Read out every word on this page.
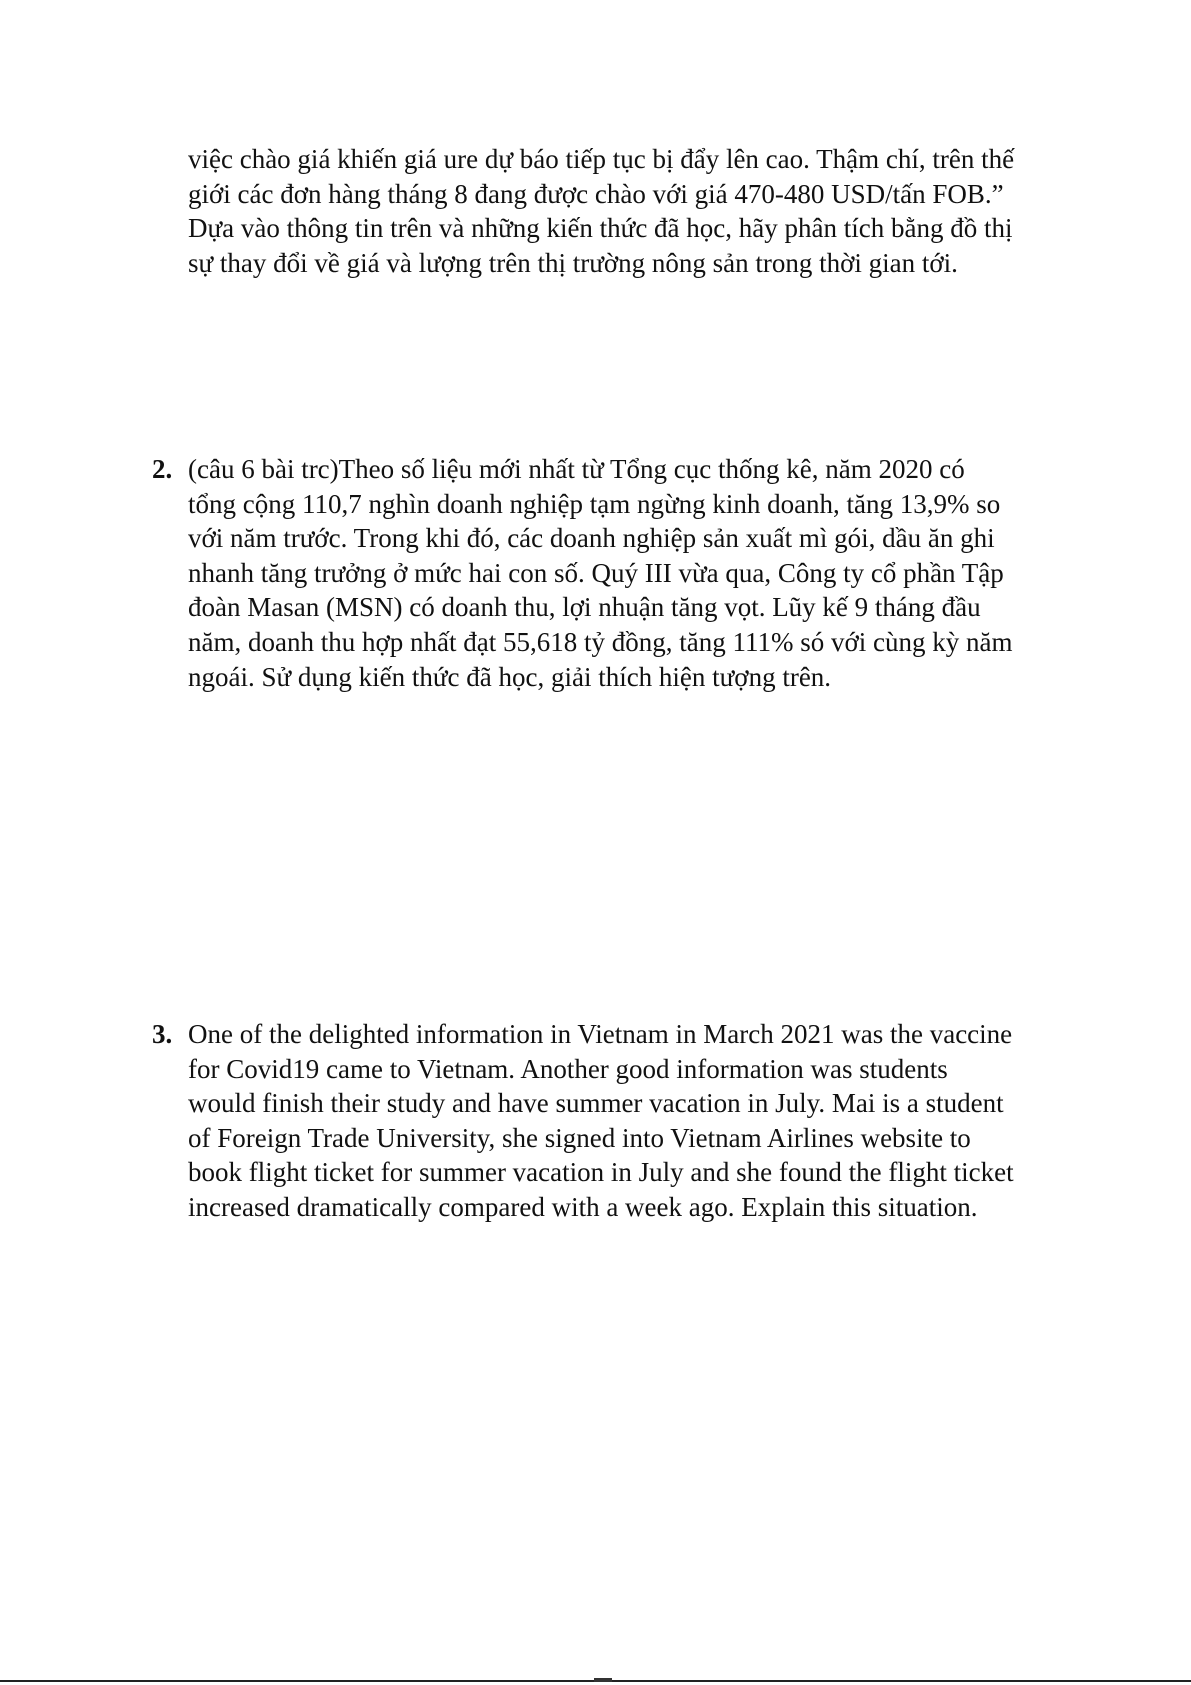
việc chào giá khiến giá ure dự báo tiếp tục bị đẩy lên cao. Thậm chí, trên thế
giới các đơn hàng tháng 8 đang được chào với giá 470-480 USD/tấn FOB.”
Dựa vào thông tin trên và những kiến thức đã học, hãy phân tích bằng đồ thị
sự thay đổi về giá và lượng trên thị trường nông sản trong thời gian tới.

2. (câu 6 bài trc)Theo số liệu mới nhất từ Tổng cục thống kê, năm 2020 có
tổng cộng 110,7 nghìn doanh nghiệp tạm ngừng kinh doanh, tăng 13,9% so
với năm trước. Trong khi đó, các doanh nghiệp sản xuất mì gói, dầu ăn ghi
nhanh tăng trưởng ở mức hai con số. Quý III vừa qua, Công ty cổ phần Tập
đoàn Masan (MSN) có doanh thu, lợi nhuận tăng vọt. Lũy kế 9 tháng đầu
năm, doanh thu hợp nhất đạt 55,618 tỷ đồng, tăng 111% só với cùng kỳ năm
ngoái. Sử dụng kiến thức đã học, giải thích hiện tượng trên.

3. One of the delighted information in Vietnam in March 2021 was the vaccine
for Covid19 came to Vietnam. Another good information was students
would finish their study and have summer vacation in July. Mai is a student
of Foreign Trade University, she signed into Vietnam Airlines website to
book flight ticket for summer vacation in July and she found the flight ticket
increased dramatically compared with a week ago. Explain this situation.
